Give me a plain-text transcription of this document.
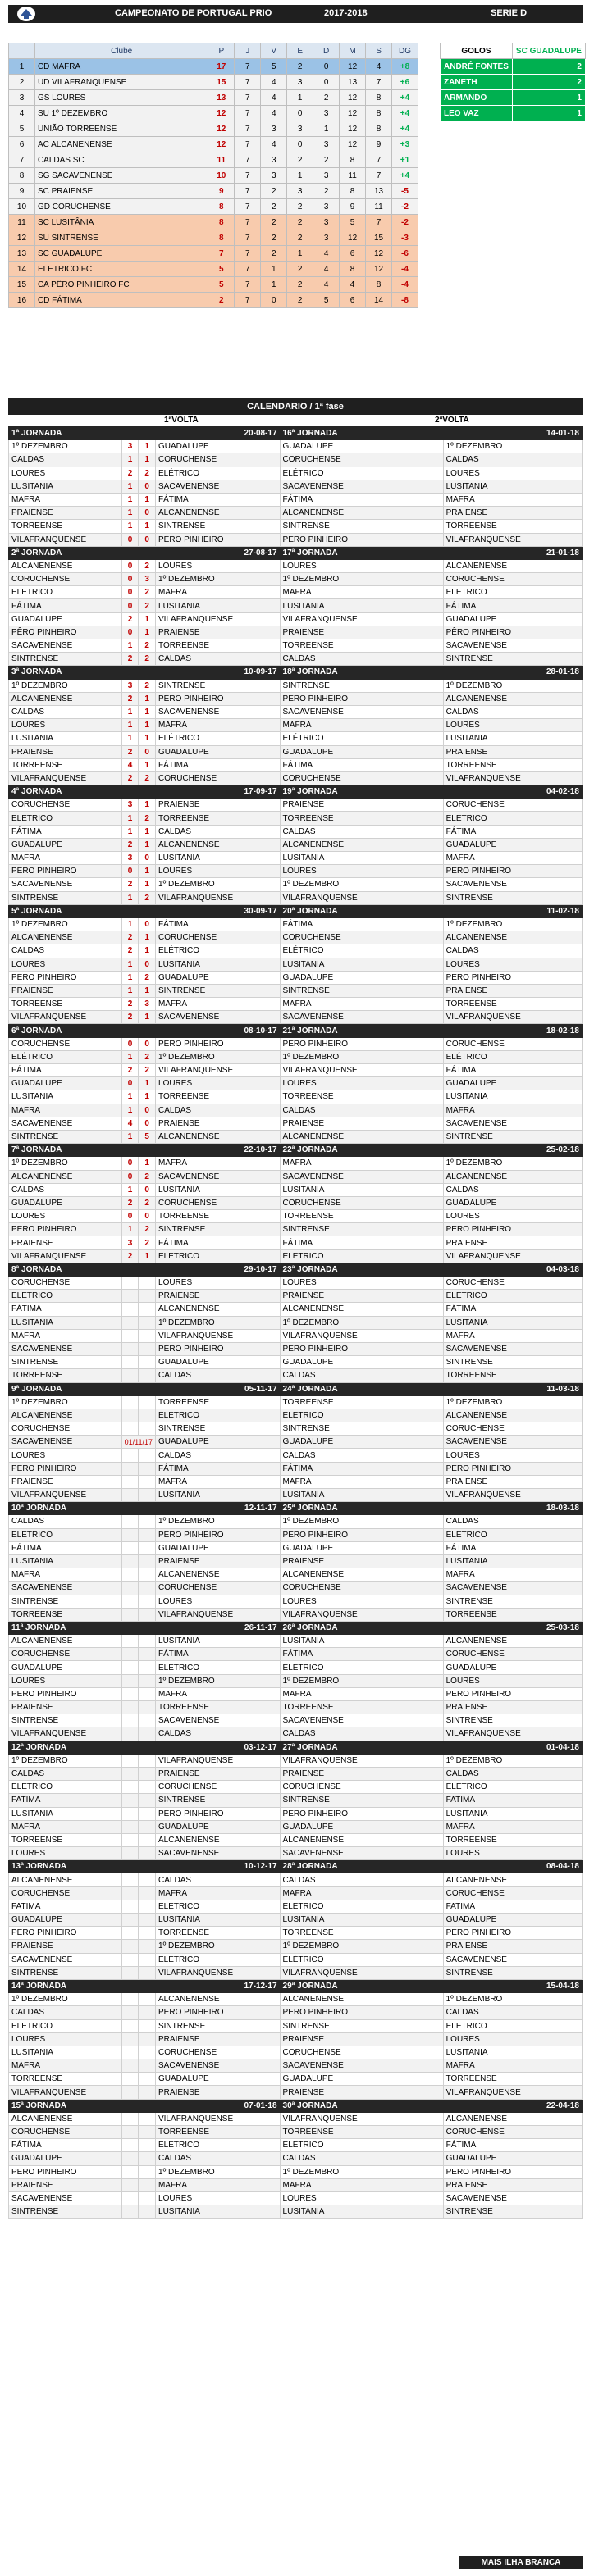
CAMPEONATO DE PORTUGAL PRIO	2017-2018	SERIE D
	Clube	P	J	V	E	D	M	S	DG
1	CD MAFRA	17	7	5	2	0	12	4	+8
2	UD VILAFRANQUENSE	15	7	4	3	0	13	7	+6
3	GS LOURES	13	7	4	1	2	12	8	+4
4	SU 1º DEZEMBRO	12	7	4	0	3	12	8	+4
5	UNIÃO TORREENSE	12	7	3	3	1	12	8	+4
6	AC ALCANENENSE	12	7	4	0	3	12	9	+3
7	CALDAS SC	11	7	3	2	2	8	7	+1
8	SG SACAVENENSE	10	7	3	1	3	11	7	+4
9	SC PRAIENSE	9	7	2	3	2	8	13	-5
10	GD CORUCHENSE	8	7	2	2	3	9	11	-2
11	SC LUSITÂNIA	8	7	2	2	3	5	7	-2
12	SU SINTRENSE	8	7	2	2	3	12	15	-3
13	SC GUADALUPE	7	7	2	1	4	6	12	-6
14	ELETRICO FC	5	7	1	2	4	8	12	-4
15	CA PÊRO PINHEIRO FC	5	7	1	2	4	4	8	-4
16	CD FÁTIMA	2	7	0	2	5	6	14	-8
GOLOS	SC GUADALUPE
ANDRÉ FONTES	2
ZANETH	2
ARMANDO	1
LEO VAZ	1
CALENDARIO / 1ª fase
1ªVOLTA	2ªVOLTA
1ª JORNADA	20-08-17			16ª JORNADA	14-01-18
1º DEZEMBRO	3	1	GUADALUPE	GUADALUPE	1º DEZEMBRO
CALDAS	1	1	CORUCHENSE	CORUCHENSE	CALDAS
LOURES	2	2	ELÉTRICO	ELÉTRICO	LOURES
LUSITANIA	1	0	SACAVENENSE	SACAVENENSE	LUSITANIA
MAFRA	1	1	FÁTIMA	FÁTIMA	MAFRA
PRAIENSE	1	0	ALCANENENSE	ALCANENENSE	PRAIENSE
TORREENSE	1	1	SINTRENSE	SINTRENSE	TORREENSE
VILAFRANQUENSE	0	0	PERO PINHEIRO	PERO PINHEIRO	VILAFRANQUENSE
2ª JORNADA	27-08-17			17ª JORNADA	21-01-18
ALCANENENSE	0	2	LOURES	LOURES	ALCANENENSE
CORUCHENSE	0	3	1º DEZEMBRO	1º DEZEMBRO	CORUCHENSE
ELETRICO	0	2	MAFRA	MAFRA	ELETRICO
FÁTIMA	0	2	LUSITANIA	LUSITANIA	FÁTIMA
GUADALUPE	2	1	VILAFRANQUENSE	VILAFRANQUENSE	GUADALUPE
PÊRO PINHEIRO	0	1	PRAIENSE	PRAIENSE	PÊRO PINHEIRO
SACAVENENSE	1	2	TORREENSE	TORREENSE	SACAVENENSE
SINTRENSE	2	2	CALDAS	CALDAS	SINTRENSE
3ª JORNADA	10-09-17			18ª JORNADA	28-01-18
1º DEZEMBRO	3	2	SINTRENSE	SINTRENSE	1º DEZEMBRO
ALCANENENSE	2	1	PERO PINHEIRO	PERO PINHEIRO	ALCANENENSE
CALDAS	1	1	SACAVENENSE	SACAVENENSE	CALDAS
LOURES	1	1	MAFRA	MAFRA	LOURES
LUSITANIA	1	1	ELÉTRICO	ELÉTRICO	LUSITANIA
PRAIENSE	2	0	GUADALUPE	GUADALUPE	PRAIENSE
TORREENSE	4	1	FÁTIMA	FÁTIMA	TORREENSE
VILAFRANQUENSE	2	2	CORUCHENSE	CORUCHENSE	VILAFRANQUENSE
4ª JORNADA	17-09-17			19ª JORNADA	04-02-18
CORUCHENSE	3	1	PRAIENSE	PRAIENSE	CORUCHENSE
ELETRICO	1	2	TORREENSE	TORREENSE	ELETRICO
FÁTIMA	1	1	CALDAS	CALDAS	FÁTIMA
GUADALUPE	2	1	ALCANENENSE	ALCANENENSE	GUADALUPE
MAFRA	3	0	LUSITANIA	LUSITANIA	MAFRA
PERO PINHEIRO	0	1	LOURES	LOURES	PERO PINHEIRO
SACAVENENSE	2	1	1º DEZEMBRO	1º DEZEMBRO	SACAVENENSE
SINTRENSE	1	2	VILAFRANQUENSE	VILAFRANQUENSE	SINTRENSE
5ª JORNADA	30-09-17			20ª JORNADA	11-02-18
1º DEZEMBRO	1	0	FÁTIMA	FÁTIMA	1º DEZEMBRO
ALCANENENSE	2	1	CORUCHENSE	CORUCHENSE	ALCANENENSE
CALDAS	2	1	ELÉTRICO	ELÉTRICO	CALDAS
LOURES	1	0	LUSITANIA	LUSITANIA	LOURES
PERO PINHEIRO	1	2	GUADALUPE	GUADALUPE	PERO PINHEIRO
PRAIENSE	1	1	SINTRENSE	SINTRENSE	PRAIENSE
TORREENSE	2	3	MAFRA	MAFRA	TORREENSE
VILAFRANQUENSE	2	1	SACAVENENSE	SACAVENENSE	VILAFRANQUENSE
6ª JORNADA	08-10-17			21ª JORNADA	18-02-18
CORUCHENSE	0	0	PERO PINHEIRO	PERO PINHEIRO	CORUCHENSE
ELÉTRICO	1	2	1º DEZEMBRO	1º DEZEMBRO	ELÉTRICO
FÁTIMA	2	2	VILAFRANQUENSE	VILAFRANQUENSE	FÁTIMA
GUADALUPE	0	1	LOURES	LOURES	GUADALUPE
LUSITANIA	1	1	TORREENSE	TORREENSE	LUSITANIA
MAFRA	1	0	CALDAS	CALDAS	MAFRA
SACAVENENSE	4	0	PRAIENSE	PRAIENSE	SACAVENENSE
SINTRENSE	1	5	ALCANENENSE	ALCANENENSE	SINTRENSE
7ª JORNADA	22-10-17			22ª JORNADA	25-02-18
1º DEZEMBRO	0	1	MAFRA	MAFRA	1º DEZEMBRO
ALCANENENSE	0	2	SACAVENENSE	SACAVENENSE	ALCANENENSE
CALDAS	1	0	LUSITANIA	LUSITANIA	CALDAS
GUADALUPE	2	2	CORUCHENSE	CORUCHENSE	GUADALUPE
LOURES	0	0	TORREENSE	TORREENSE	LOURES
PERO PINHEIRO	1	2	SINTRENSE	SINTRENSE	PERO PINHEIRO
PRAIENSE	3	2	FÁTIMA	FÁTIMA	PRAIENSE
VILAFRANQUENSE	2	1	ELETRICO	ELETRICO	VILAFRANQUENSE
8ª JORNADA	29-10-17			23ª JORNADA	04-03-18
CORUCHENSE			LOURES	LOURES	CORUCHENSE
ELETRICO			PRAIENSE	PRAIENSE	ELETRICO
FÁTIMA			ALCANENENSE	ALCANENENSE	FÁTIMA
LUSITANIA			1º DEZEMBRO	1º DEZEMBRO	LUSITANIA
MAFRA			VILAFRANQUENSE	VILAFRANQUENSE	MAFRA
SACAVENENSE			PERO PINHEIRO	PERO PINHEIRO	SACAVENENSE
SINTRENSE			GUADALUPE	GUADALUPE	SINTRENSE
TORREENSE			CALDAS	CALDAS	TORREENSE
9ª JORNADA	05-11-17			24ª JORNADA	11-03-18
1º DEZEMBRO			TORREENSE	TORREENSE	1º DEZEMBRO
ALCANENENSE			ELETRICO	ELETRICO	ALCANENENSE
CORUCHENSE			SINTRENSE	SINTRENSE	CORUCHENSE
SACAVENENSE	01/11/17		GUADALUPE	GUADALUPE	SACAVENENSE
LOURES			CALDAS	CALDAS	LOURES
PERO PINHEIRO			FÁTIMA	FÁTIMA	PERO PINHEIRO
PRAIENSE			MAFRA	MAFRA	PRAIENSE
VILAFRANQUENSE			LUSITANIA	LUSITANIA	VILAFRANQUENSE
10ª JORNADA	12-11-17			25ª JORNADA	18-03-18
CALDAS			1º DEZEMBRO	1º DEZEMBRO	CALDAS
ELETRICO			PERO PINHEIRO	PERO PINHEIRO	ELETRICO
FÁTIMA			GUADALUPE	GUADALUPE	FÁTIMA
LUSITANIA			PRAIENSE	PRAIENSE	LUSITANIA
MAFRA			ALCANENENSE	ALCANENENSE	MAFRA
SACAVENENSE			CORUCHENSE	CORUCHENSE	SACAVENENSE
SINTRENSE			LOURES	LOURES	SINTRENSE
TORREENSE			VILAFRANQUENSE	VILAFRANQUENSE	TORREENSE
11ª JORNADA	26-11-17			26ª JORNADA	25-03-18
ALCANENENSE			LUSITANIA	LUSITANIA	ALCANENENSE
CORUCHENSE			FÁTIMA	FÁTIMA	CORUCHENSE
GUADALUPE			ELETRICO	ELETRICO	GUADALUPE
LOURES			1º DEZEMBRO	1º DEZEMBRO	LOURES
PERO PINHEIRO			MAFRA	MAFRA	PERO PINHEIRO
PRAIENSE			TORREENSE	TORREENSE	PRAIENSE
SINTRENSE			SACAVENENSE	SACAVENENSE	SINTRENSE
VILAFRANQUENSE			CALDAS	CALDAS	VILAFRANQUENSE
12ª JORNADA	03-12-17			27ª JORNADA	01-04-18
1º DEZEMBRO			VILAFRANQUENSE	VILAFRANQUENSE	1º DEZEMBRO
CALDAS			PRAIENSE	PRAIENSE	CALDAS
ELETRICO			CORUCHENSE	CORUCHENSE	ELETRICO
FATIMA			SINTRENSE	SINTRENSE	FATIMA
LUSITANIA			PERO PINHEIRO	PERO PINHEIRO	LUSITANIA
MAFRA			GUADALUPE	GUADALUPE	MAFRA
TORREENSE			ALCANENENSE	ALCANENENSE	TORREENSE
LOURES			SACAVENENSE	SACAVENENSE	LOURES
13ª JORNADA	10-12-17			28ª JORNADA	08-04-18
ALCANENENSE			CALDAS	CALDAS	ALCANENENSE
CORUCHENSE			MAFRA	MAFRA	CORUCHENSE
FATIMA			ELETRICO	ELETRICO	FATIMA
GUADALUPE			LUSITANIA	LUSITANIA	GUADALUPE
PERO PINHEIRO			TORREENSE	TORREENSE	PERO PINHEIRO
PRAIENSE			1º DEZEMBRO	1º DEZEMBRO	PRAIENSE
SACAVENENSE			ELÉTRICO	ELÉTRICO	SACAVENENSE
SINTRENSE			VILAFRANQUENSE	VILAFRANQUENSE	SINTRENSE
14ª JORNADA	17-12-17			29ª JORNADA	15-04-18
1º DEZEMBRO			ALCANENENSE	ALCANENENSE	1º DEZEMBRO
CALDAS			PERO PINHEIRO	PERO PINHEIRO	CALDAS
ELETRICO			SINTRENSE	SINTRENSE	ELETRICO
LOURES			PRAIENSE	PRAIENSE	LOURES
LUSITANIA			CORUCHENSE	CORUCHENSE	LUSITANIA
MAFRA			SACAVENENSE	SACAVENENSE	MAFRA
TORREENSE			GUADALUPE	GUADALUPE	TORREENSE
VILAFRANQUENSE			PRAIENSE	PRAIENSE	VILAFRANQUENSE
15ª JORNADA	07-01-18			30ª JORNADA	22-04-18
ALCANENENSE			VILAFRANQUENSE	VILAFRANQUENSE	ALCANENENSE
CORUCHENSE			TORREENSE	TORREENSE	CORUCHENSE
FÁTIMA			ELETRICO	ELETRICO	FÁTIMA
GUADALUPE			CALDAS	CALDAS	GUADALUPE
PERO PINHEIRO			1º DEZEMBRO	1º DEZEMBRO	PERO PINHEIRO
PRAIENSE			MAFRA	MAFRA	PRAIENSE
SACAVENENSE			LOURES	LOURES	SACAVENENSE
SINTRENSE			LUSITANIA	LUSITANIA	SINTRENSE
MAIS ILHA BRANCA
